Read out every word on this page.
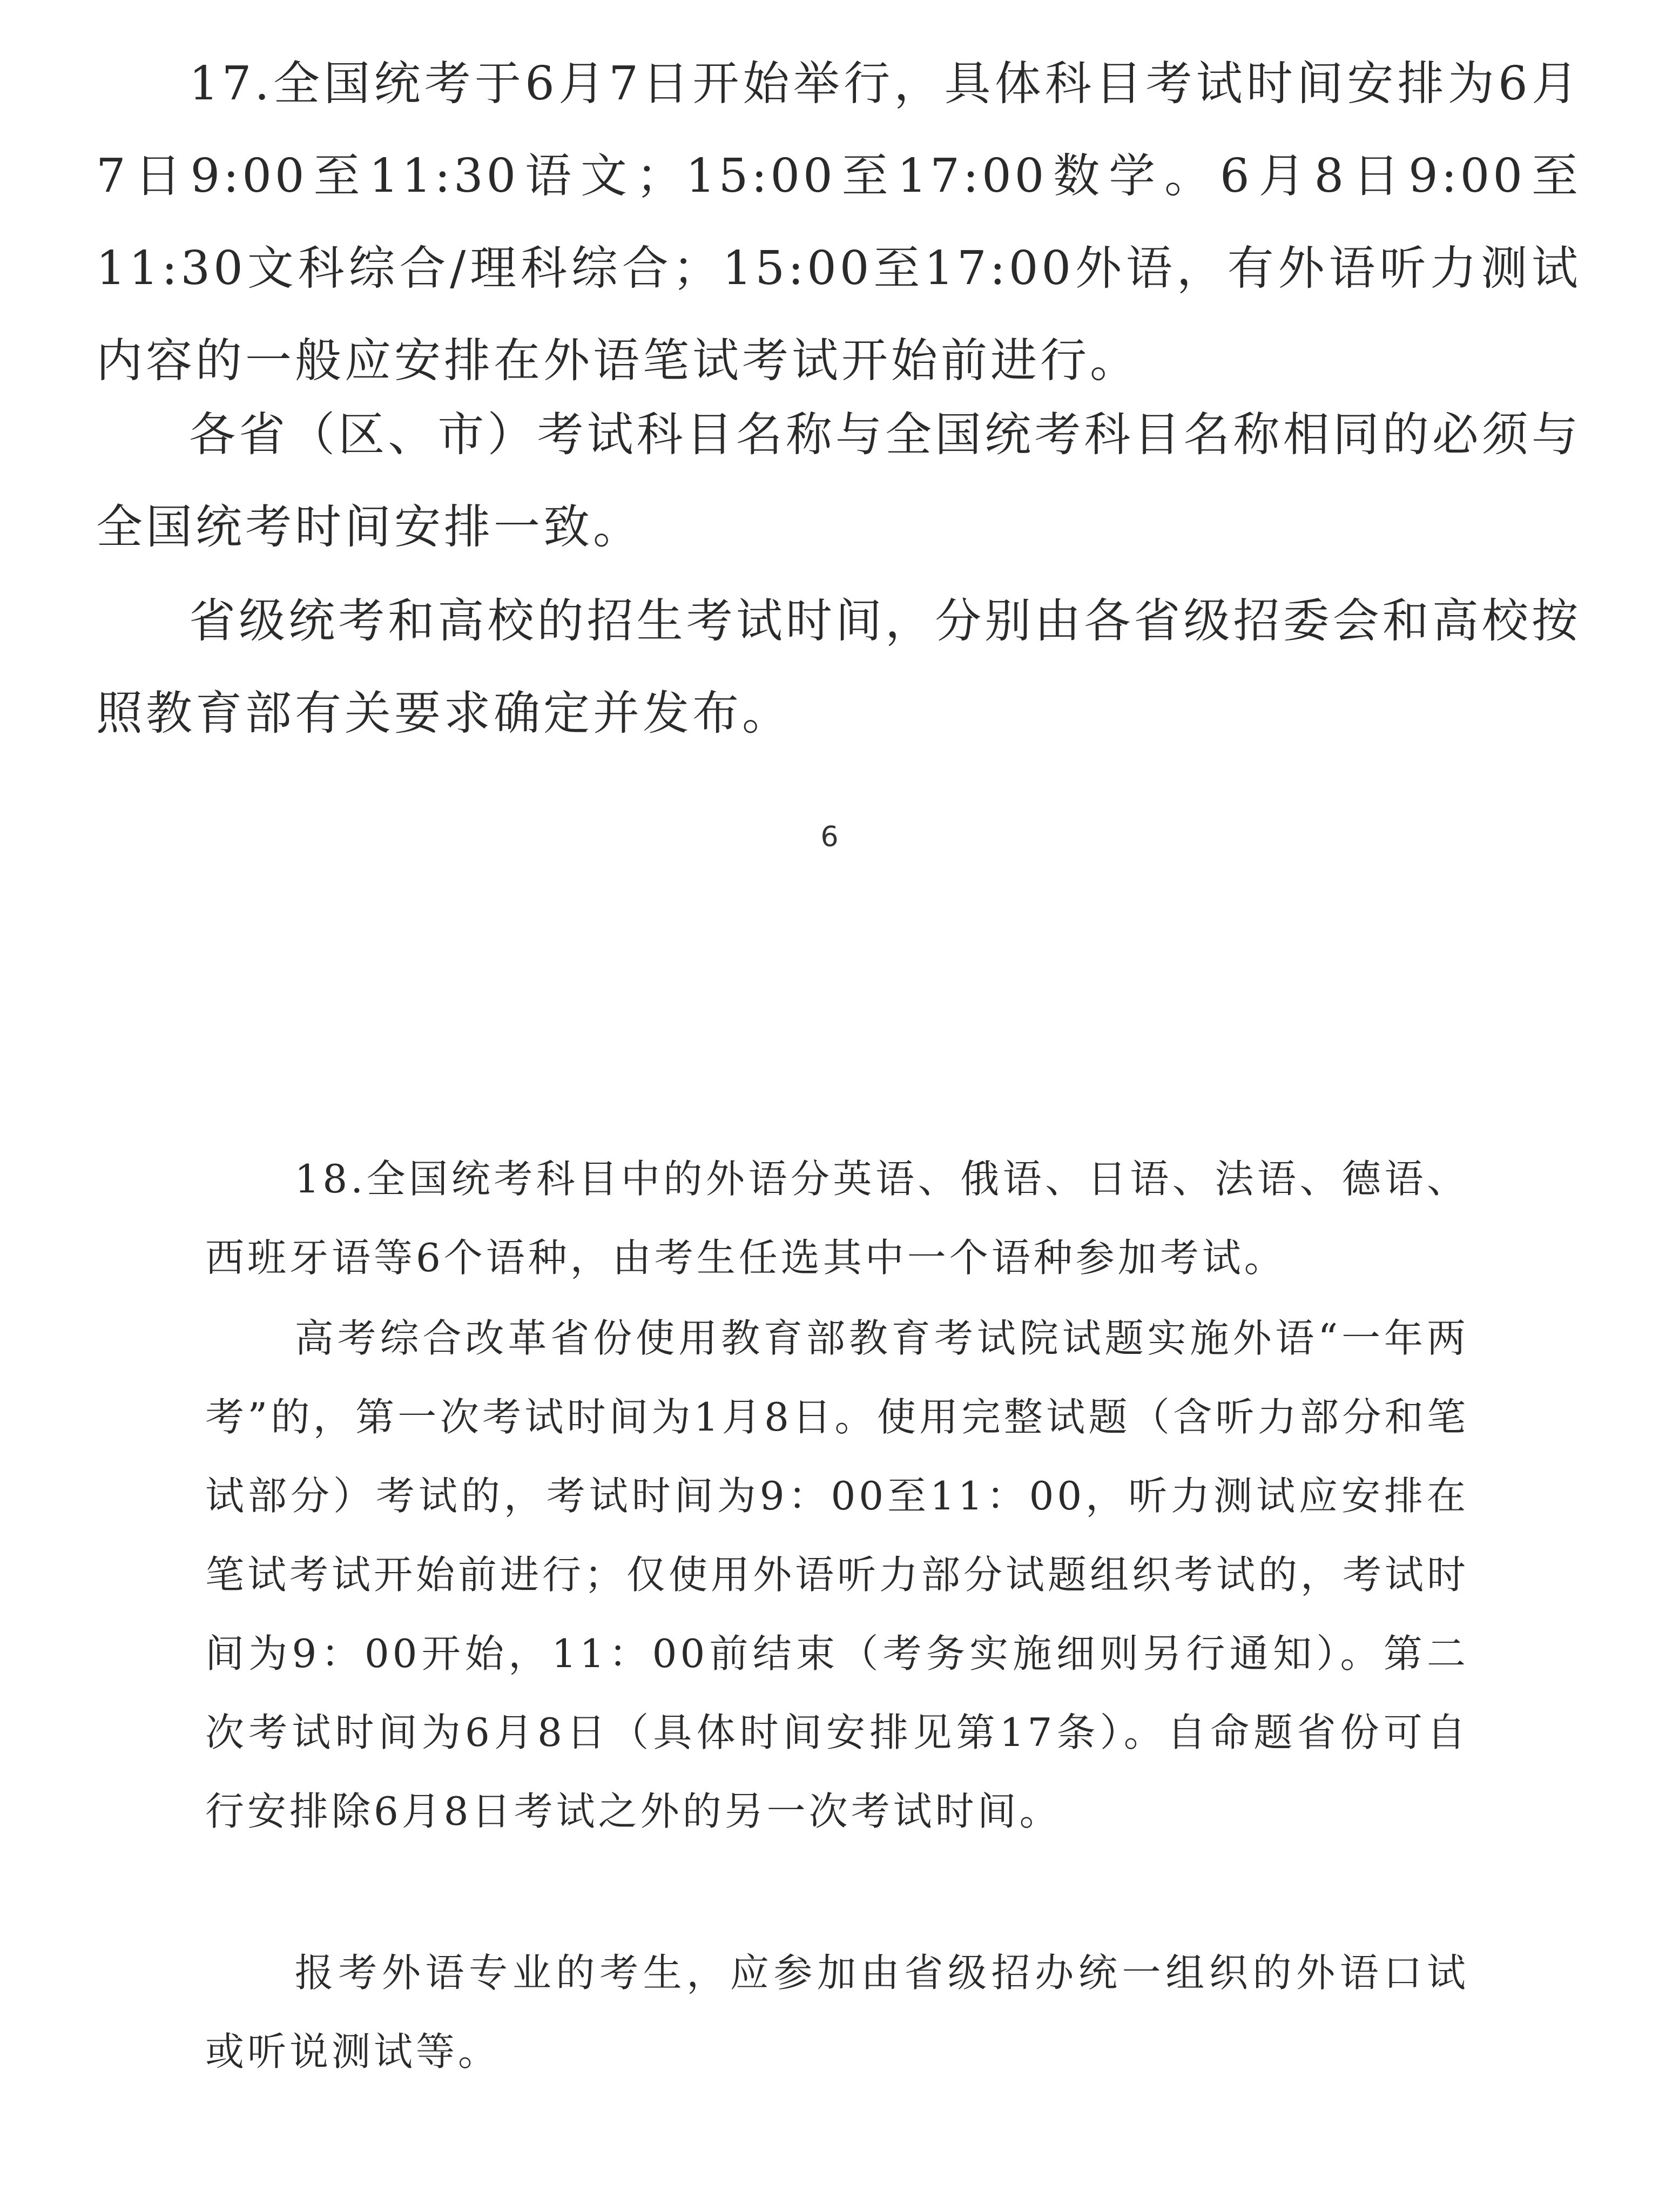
17.全国统考于6月7日开始举行，具体科目考试时间安排为6月7日9:00至11:30语文；15:00至17:00数学。6月8日9:00至11:30文科综合/理科综合；15:00至17:00外语，有外语听力测试内容的一般应安排在外语笔试考试开始前进行。

各省（区、市）考试科目名称与全国统考科目名称相同的必须与全国统考时间安排一致。

省级统考和高校的招生考试时间，分别由各省级招委会和高校按照教育部有关要求确定并发布。

6

18.全国统考科目中的外语分英语、俄语、日语、法语、德语、西班牙语等6个语种，由考生任选其中一个语种参加考试。

高考综合改革省份使用教育部教育考试院试题实施外语“一年两考”的，第一次考试时间为1月8日。使用完整试题（含听力部分和笔试部分）考试的，考试时间为9：00至11：00，听力测试应安排在笔试考试开始前进行；仅使用外语听力部分试题组织考试的，考试时间为9：00开始，11：00前结束（考务实施细则另行通知）。第二次考试时间为6月8日（具体时间安排见第17条）。自命题省份可自行安排除6月8日考试之外的另一次考试时间。

报考外语专业的考生，应参加由省级招办统一组织的外语口试或听说测试等。
